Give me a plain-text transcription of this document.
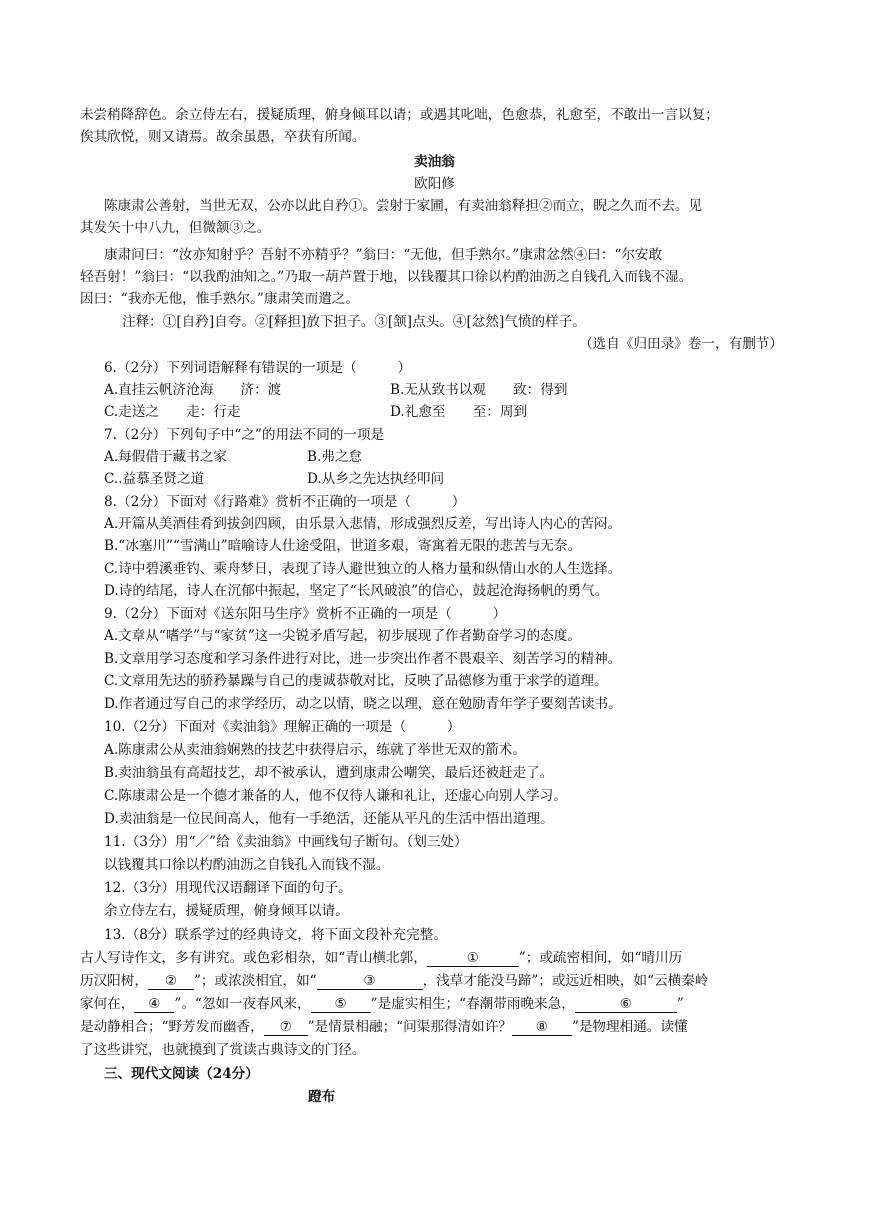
未尝稍降辞色。余立侍左右，援疑质理，俯身倾耳以请；或遇其叱咄，色愈恭，礼愈至，不敢出一言以复；
俟其欣悦，则又请焉。故余虽愚，卒获有所闻。
卖油翁
欧阳修
陈康肃公善射，当世无双，公亦以此自矜①。尝射于家圃，有卖油翁释担②而立，睨之久而不去。见
其发矢十中八九，但微颔③之。
康肃问曰：“汝亦知射乎？吾射不亦精乎？”翁曰：“无他，但手熟尔。”康肃忿然④曰：“尔安敢
轻吾射！”翁曰：“以我酌油知之。”乃取一葫芦置于地，以钱覆其口徐以杓酌油沥之自钱孔入而钱不湿。
因曰：“我亦无他，惟手熟尔。”康肃笑而遣之。
注释：①[自矜]自夸。②[释担]放下担子。③[颔]点头。④[忿然]气愤的样子。
（选自《归田录》卷一，有删节）
6.（2分）下列词语解释有错误的一项是（　　　）
A.直挂云帆济沧海　　济：渡	B.无从致书以观　　致：得到
C.走送之　　走：行走	D.礼愈至　　至：周到
7.（2分）下列句子中“之”的用法不同的一项是
A.每假借于藏书之家	B.弗之怠
C..益慕圣贤之道	D.从乡之先达执经叩问
8.（2分）下面对《行路难》赏析不正确的一项是（　　　）
A.开篇从美酒佳肴到拔剑四顾，由乐景入悲情，形成强烈反差，写出诗人内心的苦闷。
B.“冰塞川”“雪满山”暗喻诗人仕途受阻，世道多艰，寄寓着无限的悲苦与无奈。
C.诗中碧溪垂钓、乘舟梦日，表现了诗人避世独立的人格力量和纵情山水的人生选择。
D.诗的结尾，诗人在沉郁中振起，坚定了“长风破浪”的信心，鼓起沧海扬帆的勇气。
9.（2分）下面对《送东阳马生序》赏析不正确的一项是（　　　）
A.文章从“嗜学”与“家贫”这一尖锐矛盾写起，初步展现了作者勤奋学习的态度。
B.文章用学习态度和学习条件进行对比，进一步突出作者不畏艰辛、刻苦学习的精神。
C.文章用先达的骄矜暴躁与自己的虔诚恭敬对比，反映了品德修为重于求学的道理。
D.作者通过写自己的求学经历，动之以情，晓之以理，意在勉励青年学子要刻苦读书。
10.（2分）下面对《卖油翁》理解正确的一项是（　　　）
A.陈康肃公从卖油翁娴熟的技艺中获得启示，练就了举世无双的箭术。
B.卖油翁虽有高超技艺，却不被承认，遭到康肃公嘲笑，最后还被赶走了。
C.陈康肃公是一个德才兼备的人，他不仅待人谦和礼让，还虚心向别人学习。
D.卖油翁是一位民间高人，他有一手绝活，还能从平凡的生活中悟出道理。
11.（3分）用“／”给《卖油翁》中画线句子断句。（划三处）
以钱覆其口徐以杓酌油沥之自钱孔入而钱不湿。
12.（3分）用现代汉语翻译下面的句子。
余立侍左右，援疑质理，俯身倾耳以请。
13.（8分）联系学过的经典诗文，将下面文段补充完整。
古人写诗作文，多有讲究。或色彩相杂，如“青山横北郭，	①	”；或疏密相间，如“晴川历
历汉阳树， ② ”；或浓淡相宜，如“	③	，浅草才能没马蹄”；或远近相映，如“云横秦岭
家何在， ④ ”。“忽如一夜春风来， ⑤ ”是虚实相生；“春潮带雨晚来急，	⑥	”
是动静相合；“野芳发而幽香， ⑦ ”是情景相融；“问渠那得清如许？ ⑧ ”是物理相通。读懂
了这些讲究，也就摸到了赏读古典诗文的门径。
三、现代文阅读（24分）
蹬布
